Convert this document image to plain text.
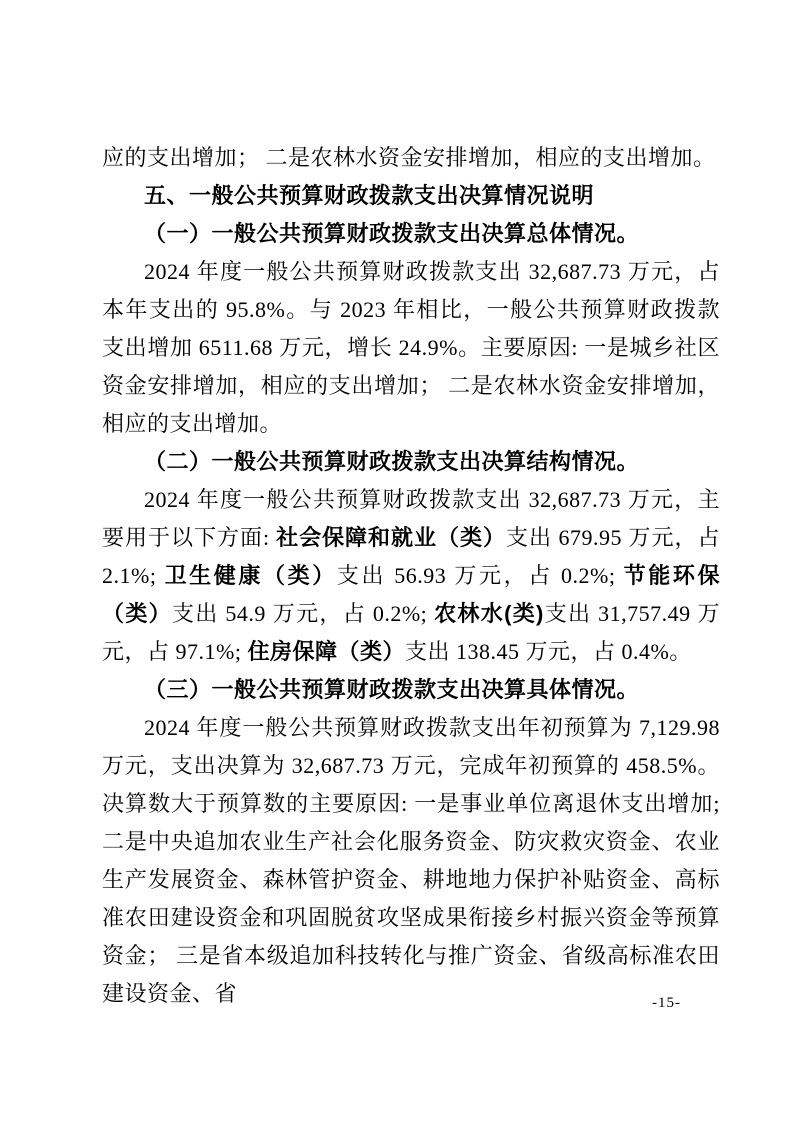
应的支出增加； 二是农林水资金安排增加，相应的支出增加。

五、一般公共预算财政拨款支出决算情况说明

（一）一般公共预算财政拨款支出决算总体情况。

2024 年度一般公共预算财政拨款支出 32,687.73 万元，占本年支出的 95.8%。与 2023 年相比，一般公共预算财政拨款支出增加 6511.68 万元，增长 24.9%。主要原因: 一是城乡社区资金安排增加，相应的支出增加； 二是农林水资金安排增加，相应的支出增加。

（二）一般公共预算财政拨款支出决算结构情况。

2024 年度一般公共预算财政拨款支出 32,687.73 万元，主要用于以下方面: 社会保障和就业（类）支出 679.95 万元，占 2.1%; 卫生健康（类）支出 56.93 万元，占 0.2%; 节能环保（类）支出 54.9 万元，占 0.2%; 农林水(类)支出 31,757.49 万元，占 97.1%; 住房保障（类）支出 138.45 万元，占 0.4%。

（三）一般公共预算财政拨款支出决算具体情况。

2024 年度一般公共预算财政拨款支出年初预算为 7,129.98 万元，支出决算为 32,687.73 万元，完成年初预算的 458.5%。决算数大于预算数的主要原因: 一是事业单位离退休支出增加;二是中央追加农业生产社会化服务资金、防灾救灾资金、农业生产发展资金、森林管护资金、耕地地力保护补贴资金、高标准农田建设资金和巩固脱贫攻坚成果衔接乡村振兴资金等预算资金； 三是省本级追加科技转化与推广资金、省级高标准农田建设资金、省	-15-
